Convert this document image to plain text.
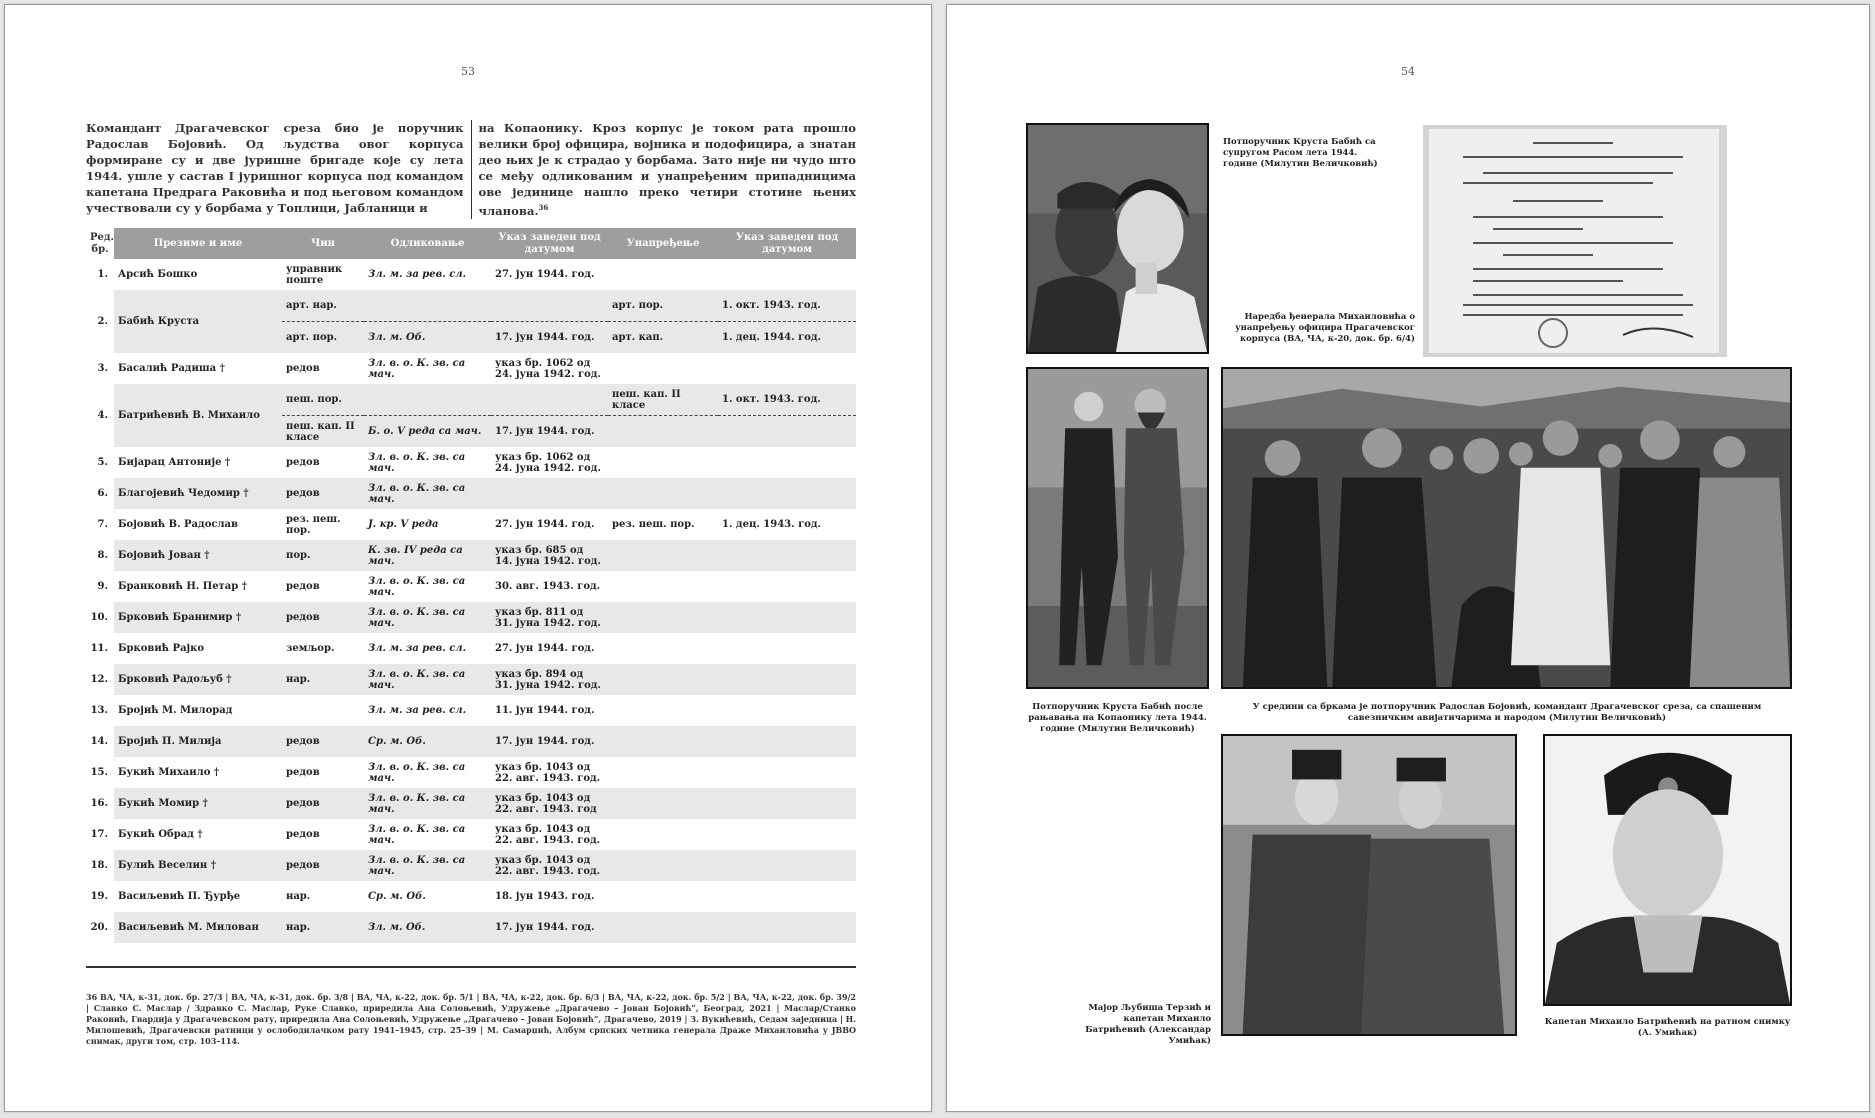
53
Командант Драгачевског среза био је поручник Радослав Бојовић. Од људства овог корпуса формиране су и две јуришне бригаде које су лета 1944. ушле у састав I јуришног корпуса под командом капетана Предрага Раковића и под његовом командом учествовали су у борбама у Топлици, Јабланици и
на Копаонику. Кроз корпус је током рата прошло велики број официра, војника и подофицира, а знатан део њих је к страдао у борбама. Зато није ни чудо што се међу одликованим и унапређеним припадницима ове јединице нашло преко четири стотине њених чланова.$^{36}$
Ред. бр.	Презиме и име	Чин	Одликовање	Указ заведен под датумом	Унапређење	Указ заведен под датумом
1.	Арсић Бошко	управник поште	Зл. м. за рев. сл.	27. јун 1944. год.		
2.	Бабић Круста	арт. нар.			арт. пор.	1. окт. 1943. год.
		арт. пор.	Зл. м. Об.	17. јун 1944. год.	арт. кап.	1. дец. 1944. год.
3.	Басалић Радиша †	редов	Зл. в. о. К. зв. са мач.	указ бр. 1062 од 24. јуна 1942. год.		
4.	Батрићевић В. Михаило	пеш. пор.			пеш. кап. II класе	1. окт. 1943. год.
		пеш. кап. II класе	Б. о. V реда са мач.	17. јун 1944. год.		
5.	Бијарац Антоније †	редов	Зл. в. о. К. зв. са мач.	указ бр. 1062 од 24. јуна 1942. год.		
6.	Благојевић Чедомир †	редов	Зл. в. о. К. зв. са мач.			
7.	Бојовић В. Радослав	рез. пеш. пор.	Ј. кр. V реда	27. јун 1944. год.	рез. пеш. пор.	1. дец. 1943. год.
8.	Бојовић Јован †	пор.	К. зв. IV реда са мач.	указ бр. 685 од 14. јуна 1942. год.		
9.	Бранковић Н. Петар †	редов	Зл. в. о. К. зв. са мач.	30. авг. 1943. год.		
10.	Брковић Бранимир †	редов	Зл. в. о. К. зв. са мач.	указ бр. 811 од 31. јуна 1942. год.		
11.	Брковић Рајко	земљор.	Зл. м. за рев. сл.	27. јун 1944. год.		
12.	Брковић Радољуб †	нар.	Зл. в. о. К. зв. са мач.	указ бр. 894 од 31. јуна 1942. год.		
13.	Бројић М. Милорад		Зл. м. за рев. сл.	11. јун 1944. год.		
14.	Бројић П. Милија	редов	Ср. м. Об.	17. јун 1944. год.		
15.	Букић Михаило †	редов	Зл. в. о. К. зв. са мач.	указ бр. 1043 од 22. авг. 1943. год.		
16.	Букић Момир †	редов	Зл. в. о. К. зв. са мач.	указ бр. 1043 од 22. авг. 1943. год		
17.	Букић Обрад †	редов	Зл. в. о. К. зв. са мач.	указ бр. 1043 од 22. авг. 1943. год.		
18.	Булић Веселин †	редов	Зл. в. о. К. зв. са мач.	указ бр. 1043 од 22. авг. 1943. год.		
19.	Васиљевић П. Ђурђе	нар.	Ср. м. Об.	18. јун 1943. год.		
20.	Васиљевић М. Милован	нар.	Зл. м. Об.	17. јун 1944. год.		
36 ВА, ЧА, к-31, док. бр. 27/3 | ВА, ЧА, к-31, док. бр. 3/8 | ВА, ЧА, к-22, док. бр. 5/1 | ВА, ЧА, к-22, док. бр. 6/3 | ВА, ЧА, к-22, док. бр. 5/2 | ВА, ЧА, к-22, док. бр. 39/2 | Славко С. Маслар / Здравко С. Маслар, Руке Славко, приредила Ана Солоњевић, Удружење „Драгачево – Јован Бојовић“, Београд, 2021 | Маслар/Станко Раковић, Гвардија у Драгачевском рату, приредила Ана Солоњевић, Удружење „Драгачево – Јован Бојовић“, Драгачево, 2019 | З. Вукићевић, Седам заједница | Н. Милошевић, Драгачевски ратници у ослободилачком рату 1941–1945, стр. 25–39 | М. Самарџић, Албум српских четника генерала Драже Михаиловића у ЈВВО снимак, други том, стр. 103–114.
54
Потпоручник Круста Бабић са супругом Расом лета 1944. године (Милутин Величковић)
Наредба ђенерала Михаиловића о унапређењу официра Прагачевског корпуса (ВА, ЧА, к-20, док. бр. 6/4)
Потпоручник Круста Бабић после рањавања на Копаонику лета 1944. године (Милутин Величковић)
У средини са бркама је потпоручник Радослав Бојовић, командант Драгачевског среза, са спашеним савезничким авијатичарима и народом (Милутин Величковић)
Мајор Љубиша Терзић и капетан Михаило Батрићевић (Александар Умићак)
Капетан Михаило Батрићевић на ратном снимку (А. Умићак)
